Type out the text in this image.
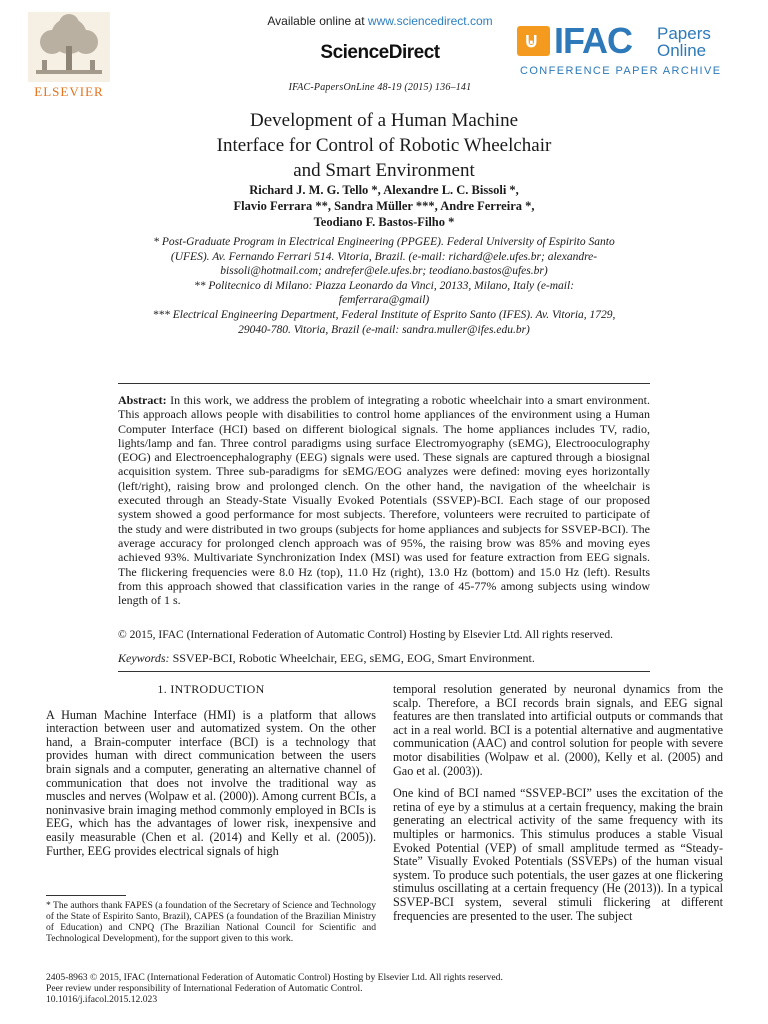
ELSEVIER
Available online at www.sciencedirect.com
ScienceDirect
IFAC-PapersOnLine 48-19 (2015) 136–141
⊍ IFAC Papers
Online
CONFERENCE PAPER ARCHIVE
Development of a Human Machine
Interface for Control of Robotic Wheelchair
and Smart Environment
Richard J. M. G. Tello *, Alexandre L. C. Bissoli *,
Flavio Ferrara **, Sandra Müller ***, Andre Ferreira *,
Teodiano F. Bastos-Filho *

* Post-Graduate Program in Electrical Engineering (PPGEE). Federal University of Espirito Santo (UFES). Av. Fernando Ferrari 514. Vitoria, Brazil. (e-mail: richard@ele.ufes.br; alexandre-bissoli@hotmail.com; andrefer@ele.ufes.br; teodiano.bastos@ufes.br)

** Politecnico di Milano: Piazza Leonardo da Vinci, 20133, Milano, Italy (e-mail: femferrara@gmail)

*** Electrical Engineering Department, Federal Institute of Esprito Santo (IFES). Av. Vitoria, 1729, 29040-780. Vitoria, Brazil (e-mail: sandra.muller@ifes.edu.br)

Abstract: In this work, we address the problem of integrating a robotic wheelchair into a smart environment. This approach allows people with disabilities to control home appliances of the environment using a Human Computer Interface (HCI) based on different biological signals. The home appliances includes TV, radio, lights/lamp and fan. Three control paradigms using surface Electromyography (sEMG), Electrooculography (EOG) and Electroencephalography (EEG) signals were used. These signals are captured through a biosignal acquisition system. Three sub-paradigms for sEMG/EOG analyzes were defined: moving eyes horizontally (left/right), raising brow and prolonged clench. On the other hand, the navigation of the wheelchair is executed through an Steady-State Visually Evoked Potentials (SSVEP)-BCI. Each stage of our proposed system showed a good performance for most subjects. Therefore, volunteers were recruited to participate of the study and were distributed in two groups (subjects for home appliances and subjects for SSVEP-BCI). The average accuracy for prolonged clench approach was of 95%, the raising brow was 85% and moving eyes achieved 93%. Multivariate Synchronization Index (MSI) was used for feature extraction from EEG signals. The flickering frequencies were 8.0 Hz (top), 11.0 Hz (right), 13.0 Hz (bottom) and 15.0 Hz (left). Results from this approach showed that classification varies in the range of 45-77% among subjects using window length of 1 s.
© 2015, IFAC (International Federation of Automatic Control) Hosting by Elsevier Ltd. All rights reserved.
Keywords: SSVEP-BCI, Robotic Wheelchair, EEG, sEMG, EOG, Smart Environment.
1. INTRODUCTION

A Human Machine Interface (HMI) is a platform that allows interaction between user and automatized system. On the other hand, a Brain-computer interface (BCI) is a technology that provides human with direct communication between the users brain signals and a computer, generating an alternative channel of communication that does not involve the traditional way as muscles and nerves (Wolpaw et al. (2000)). Among current BCIs, a noninvasive brain imaging method commonly employed in BCIs is EEG, which has the advantages of lower risk, inexpensive and easily measurable (Chen et al. (2014) and Kelly et al. (2005)). Further, EEG provides electrical signals of high

* The authors thank FAPES (a foundation of the Secretary of Science and Technology of the State of Espirito Santo, Brazil), CAPES (a foundation of the Brazilian Ministry of Education) and CNPQ (The Brazilian National Council for Scientific and Technological Development), for the support given to this work.

temporal resolution generated by neuronal dynamics from the scalp. Therefore, a BCI records brain signals, and EEG signal features are then translated into artificial outputs or commands that act in a real world. BCI is a potential alternative and augmentative communication (AAC) and control solution for people with severe motor disabilities (Wolpaw et al. (2000), Kelly et al. (2005) and Gao et al. (2003)).

One kind of BCI named “SSVEP-BCI” uses the excitation of the retina of eye by a stimulus at a certain frequency, making the brain generating an electrical activity of the same frequency with its multiples or harmonics. This stimulus produces a stable Visual Evoked Potential (VEP) of small amplitude termed as “Steady-State” Visually Evoked Potentials (SSVEPs) of the human visual system. To produce such potentials, the user gazes at one flickering stimulus oscillating at a certain frequency (He (2013)). In a typical SSVEP-BCI system, several stimuli flickering at different frequencies are presented to the user. The subject

2405-8963 © 2015, IFAC (International Federation of Automatic Control) Hosting by Elsevier Ltd. All rights reserved.
Peer review under responsibility of International Federation of Automatic Control.
10.1016/j.ifacol.2015.12.023
